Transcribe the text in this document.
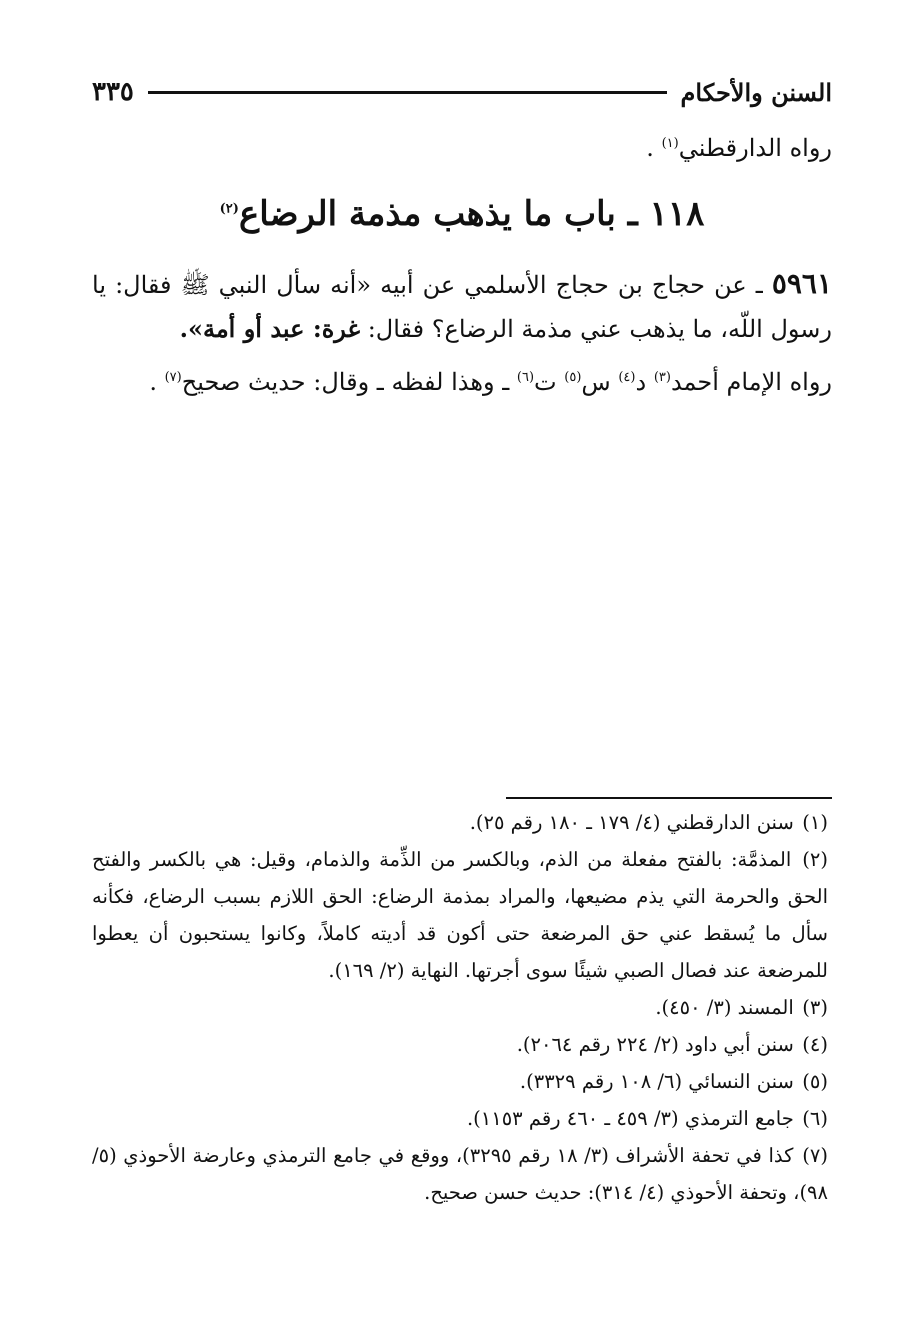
السنن والأحكام
٣٣٥
رواه الدارقطني$^{(١)}$ .
١١٨ ـ باب ما يذهب مذمة الرضاع$^{(٢)}$
٥٩٦١ ـ عن حجاج بن حجاج الأسلمي عن أبيه «أنه سأل النبي ﷺ فقال: يا رسول اللّه، ما يذهب عني مذمة الرضاع؟ فقال: غرة: عبد أو أمة».
رواه الإمام أحمد$^{(٣)}$ د$^{(٤)}$ س$^{(٥)}$ ت$^{(٦)}$ ـ وهذا لفظه ـ وقال: حديث صحيح$^{(٧)}$ .

(١) سنن الدارقطني (٤/ ١٧٩ ـ ١٨٠ رقم ٢٥).

(٢) المذمَّة: بالفتح مفعلة من الذم، وبالكسر من الذِّمة والذمام، وقيل: هي بالكسر والفتح الحق والحرمة التي يذم مضيعها، والمراد بمذمة الرضاع: الحق اللازم بسبب الرضاع، فكأنه سأل ما يُسقط عني حق المرضعة حتى أكون قد أديته كاملاً، وكانوا يستحبون أن يعطوا للمرضعة عند فصال الصبي شيئًا سوى أجرتها. النهاية (٢/ ١٦٩).

(٣) المسند (٣/ ٤٥٠).

(٤) سنن أبي داود (٢/ ٢٢٤ رقم ٢٠٦٤).

(٥) سنن النسائي (٦/ ١٠٨ رقم ٣٣٢٩).

(٦) جامع الترمذي (٣/ ٤٥٩ ـ ٤٦٠ رقم ١١٥٣).

(٧) كذا في تحفة الأشراف (٣/ ١٨ رقم ٣٢٩٥)، ووقع في جامع الترمذي وعارضة الأحوذي (٥/ ٩٨)، وتحفة الأحوذي (٤/ ٣١٤): حديث حسن صحيح.
